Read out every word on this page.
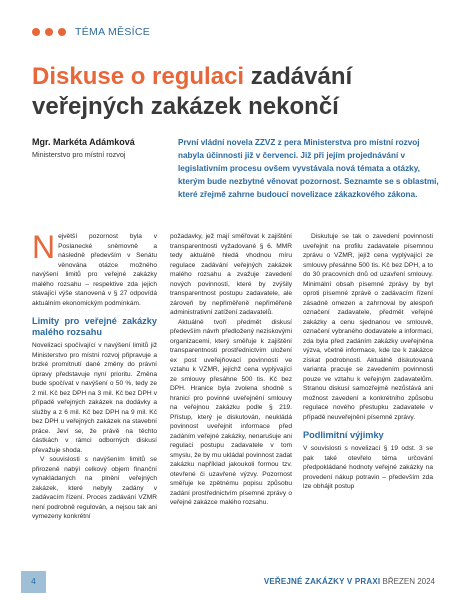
TÉMA MĚSÍCE
Diskuse o regulaci zadávání
veřejných zakázek nekončí
Mgr. Markéta Adámková
Ministerstvo pro místní rozvoj
První vládní novela ZZVZ z pera Ministerstva pro místní rozvoj nabyla účinnosti již v červenci. Již při jejím projednávání v legislativním procesu ovšem vyvstávala nová témata a otázky, kterým bude nezbytné věnovat pozornost. Seznamte se s oblastmi, které zřejmě zahrne budoucí novelizace zákazkového zákona.

Největší pozornost byla v Poslanecké sněmovně a následně především v Senátu věnována otázce možného navýšení limitů pro veřejné zakázky malého rozsahu – respektive zda jejich stávající výše stanovená v § 27 odpovídá aktuálním ekonomickým podmínkám.

Limity pro veřejné zakázky malého rozsahu

Novelizaci spočívající v navýšení limitů již Ministerstvo pro místní rozvoj připravuje a brzké promítnutí dané změny do právní úpravy představuje nyní prioritu. Změna bude spočívat v navýšení o 50 %, tedy ze 2 mil. Kč bez DPH na 3 mil. Kč bez DPH v případě veřejných zakázek na dodávky a služby a z 6 mil. Kč bez DPH na 9 mil. Kč bez DPH u veřejných zakázek na stavební práce. Jeví se, že právě na těchto částkách v rámci odborných diskusí převažuje shoda.

V souvislosti s navýšením limitů se přirozeně nabýí celkový objem finanční vynakládaných na plnění veřejných zakázek, které nebyly zadány v zadávacím řízení. Proces zadávání VZMR není podrobně regulován, a nejsou tak ani vymezeny konkrétní

požadavky, jež mají směřovat k zajištění transparentnosti vyžadované § 6. MMR tedy aktuálně hledá vhodnou míru regulace zadávání veřejných zakázek malého rozsahu a zvažuje zavedení nových povinností, které by zvýšily transparentnost postupu zadavatele, ale zároveň by nepřiměřeně nepřiměřeně administrativní zatížení zadavatelů.

Aktuálně tvoří předmět diskusí především návrh předložený neziskovými organizacemi, který směřuje k zajištění transparentnosti prostřednictvím uložení ex post uveřejňovací povinnosti ve vztahu k VZMR, jejichž cena vyplývající ze smlouvy přesáhne 500 tis. Kč bez DPH. Hranice byla zvolena shodně s hranicí pro povinné uveřejnění smlouvy na veřejnou zakázku podle § 219. Přístup, který je diskutován, neukládá povinnost uveřejnit informace před zadáním veřejné zakázky, nenarušuje ani regulaci postupu zadavatele v tom smyslu, že by mu ukládal povinnost zadat zakázku například jakoukoli formou tzv. otevřené či uzavřené výzvy. Pozornost směřuje ke zpětnému popisu způsobu zadání prostřednictvím písemné zprávy o veřejné zakázce malého rozsahu.

Diskutuje se tak o zavedení povinnosti uveřejnit na profilu zadavatele písemnou zprávu o VZMR, jejíž cena vyplývající ze smlouvy přesáhne 500 tis. Kč bez DPH, a to do 30 pracovních dnů od uzavření smlouvy. Minimální obsah písemné zprávy by byl oproti písemné zprávě o zadávacím řízení zásadně omezen a zahrnoval by alespoň označení zadavatele, předmět veřejné zakázky a cenu sjednanou ve smlouvě, označení vybraného dodavatele a informaci, zda byla před zadáním zakázky uveřejněna výzva, včetně informace, kde lze k zakázce získat podrobnosti. Aktuálně diskutovaná varianta pracuje se zavedením povinnosti pouze ve vztahu k veřejným zadavatelům. Stranou diskusí samozřejmě nezůstává ani možnost zavedení a konkrétního způsobu regulace nového přestupku zadavatele v případě neuveřejnění písemné zprávy.

Podlimitní výjimky

V souvislosti s novelizací § 19 odst. 3 se pak také otevřelo téma určování předpokládané hodnoty veřejné zakázky na provedení nákup potravin – především zda lze obhájit postup

4	VEŘEJNÉ ZAKÁZKY V PRAXI BŘEZEN 2024
